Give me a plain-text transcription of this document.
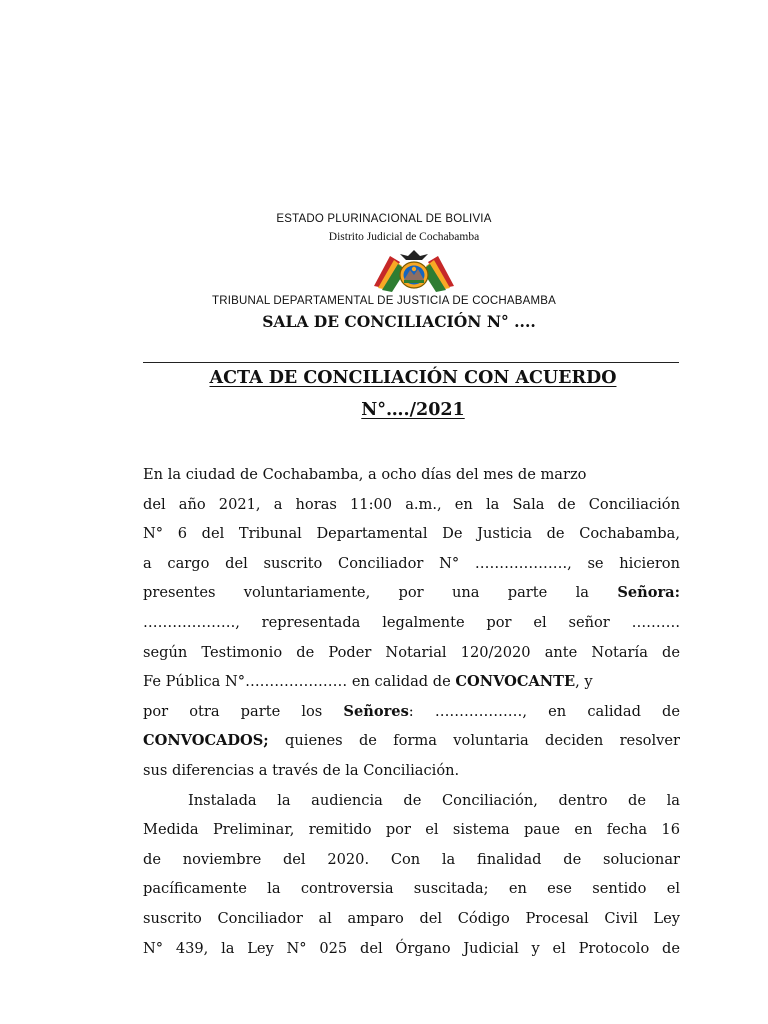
ESTADO PLURINACIONAL DE BOLIVIA
Distrito Judicial de Cochabamba
TRIBUNAL DEPARTAMENTAL DE JUSTICIA DE COCHABAMBA
SALA DE CONCILIACIÓN N° ....
ACTA DE CONCILIACIÓN CON ACUERDO
N°…./2021
En la ciudad de Cochabamba, a ocho días del mes de marzo
del año 2021, a horas 11:00 a.m., en la Sala de Conciliación
N° 6 del Tribunal Departamental De Justicia de Cochabamba,
a cargo del suscrito Conciliador N° ………………., se hicieron
presentes voluntariamente, por una parte la Señora:
………………., representada legalmente por el señor ……….
según Testimonio de Poder Notarial 120/2020 ante Notaría de
Fe Pública N°………………… en calidad de CONVOCANTE, y
por otra parte los Señores: ………………, en calidad de
CONVOCADOS; quienes de forma voluntaria deciden resolver
sus diferencias a través de la Conciliación.
Instalada la audiencia de Conciliación, dentro de la
Medida Preliminar, remitido por el sistema paue en fecha 16
de noviembre del 2020. Con la finalidad de solucionar
pacíficamente la controversia suscitada; en ese sentido el
suscrito Conciliador al amparo del Código Procesal Civil Ley
N° 439, la Ley N° 025 del Órgano Judicial y el Protocolo de
